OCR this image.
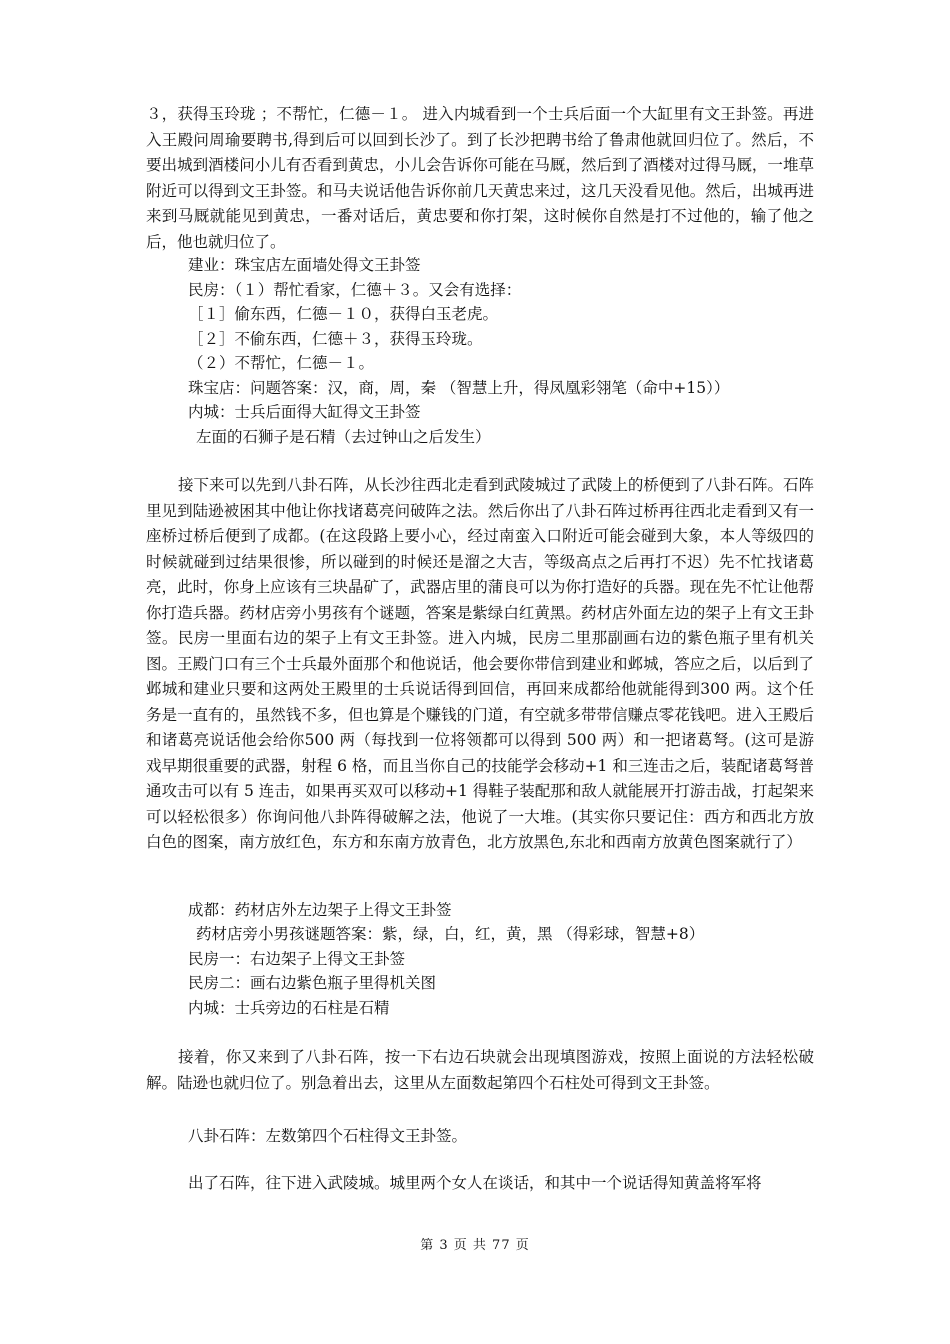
３，获得玉玲珑 ；不帮忙，仁德－１。 进入内城看到一个士兵后面一个大缸里有文王卦签。再进入王殿问周瑜要聘书,得到后可以回到长沙了。到了长沙把聘书给了鲁肃他就回归位了。然后，不要出城到酒楼问小儿有否看到黄忠，小儿会告诉你可能在马厩，然后到了酒楼对过得马厩，一堆草附近可以得到文王卦签。和马夫说话他告诉你前几天黄忠来过，这几天没看见他。然后，出城再进来到马厩就能见到黄忠，一番对话后，黄忠要和你打架，这时候你自然是打不过他的，输了他之后，他也就归位了。

建业：珠宝店左面墙处得文王卦签
民房：（１）帮忙看家，仁德＋３。又会有选择：
［１］偷东西，仁德－１０，获得白玉老虎。
［２］不偷东西，仁德＋３，获得玉玲珑。
（２）不帮忙，仁德－１。
珠宝店：问题答案：汉，商，周，秦 （智慧上升，得凤凰彩翎笔（命中+15））
内城：士兵后面得大缸得文王卦签
左面的石狮子是石精（去过钟山之后发生）

接下来可以先到八卦石阵，从长沙往西北走看到武陵城过了武陵上的桥便到了八卦石阵。石阵里见到陆逊被困其中他让你找诸葛亮问破阵之法。然后你出了八卦石阵过桥再往西北走看到又有一座桥过桥后便到了成都。(在这段路上要小心，经过南蛮入口附近可能会碰到大象，本人等级四的时候就碰到过结果很惨，所以碰到的时候还是溜之大吉，等级高点之后再打不迟）先不忙找诸葛亮，此时，你身上应该有三块晶矿了，武器店里的蒲良可以为你打造好的兵器。现在先不忙让他帮你打造兵器。药材店旁小男孩有个谜题，答案是紫绿白红黄黑。药材店外面左边的架子上有文王卦签。民房一里面右边的架子上有文王卦签。进入内城，民房二里那副画右边的紫色瓶子里有机关图。王殿门口有三个士兵最外面那个和他说话，他会要你带信到建业和邺城，答应之后，以后到了邺城和建业只要和这两处王殿里的士兵说话得到回信，再回来成都给他就能得到300 两。这个任务是一直有的，虽然钱不多，但也算是个赚钱的门道，有空就多带带信赚点零花钱吧。进入王殿后和诸葛亮说话他会给你500 两（每找到一位将领都可以得到 500 两）和一把诸葛弩。(这可是游戏早期很重要的武器，射程 6 格，而且当你自己的技能学会移动+1 和三连击之后，装配诸葛弩普通攻击可以有 5 连击，如果再买双可以移动+1 得鞋子装配那和敌人就能展开打游击战，打起架来可以轻松很多）你询问他八卦阵得破解之法，他说了一大堆。(其实你只要记住：西方和西北方放白色的图案，南方放红色，东方和东南方放青色，北方放黑色,东北和西南方放黄色图案就行了）

成都：药材店外左边架子上得文王卦签
药材店旁小男孩谜题答案：紫，绿，白，红，黄，黑 （得彩球，智慧+8）
民房一：右边架子上得文王卦签
民房二：画右边紫色瓶子里得机关图
内城：士兵旁边的石柱是石精

接着，你又来到了八卦石阵，按一下右边石块就会出现填图游戏，按照上面说的方法轻松破解。陆逊也就归位了。别急着出去，这里从左面数起第四个石柱处可得到文王卦签。

八卦石阵：左数第四个石柱得文王卦签。
出了石阵，往下进入武陵城。城里两个女人在谈话，和其中一个说话得知黄盖将军将
第 3 页 共 77 页
